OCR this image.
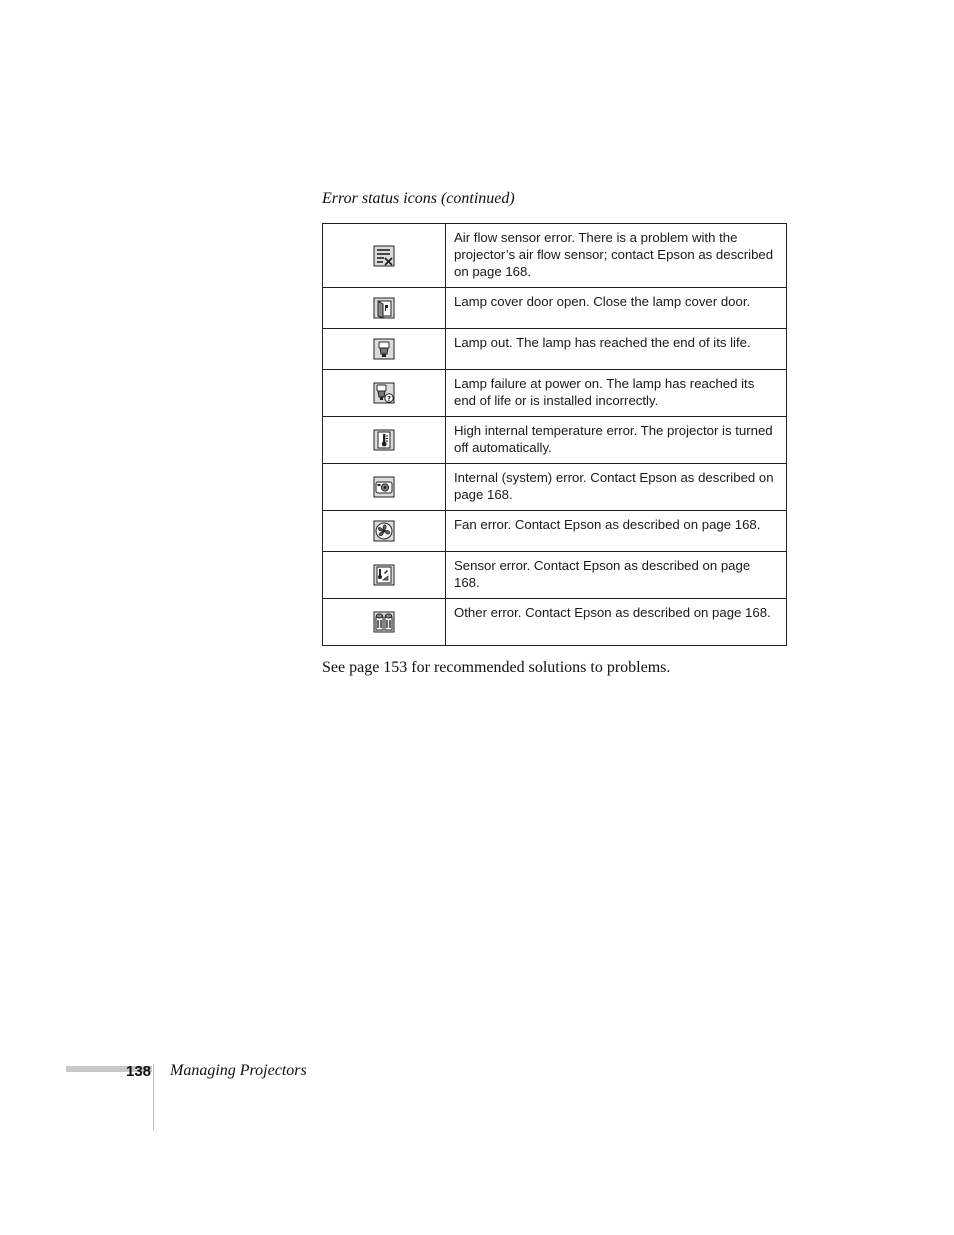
Error status icons (continued)
	Air flow sensor error. There is a problem with the projector’s air flow sensor; contact Epson as described on page 168.

	Lamp cover door open. Close the lamp cover door.

	Lamp out. The lamp has reached the end of its life.

?	Lamp failure at power on. The lamp has reached its end of life or is installed incorrectly.

	High internal temperature error. The projector is turned off automatically.

	Internal (system) error. Contact Epson as described on page 168.

	Fan error. Contact Epson as described on page 168.

	Sensor error. Contact Epson as described on page 168.

	Other error. Contact Epson as described on page 168.
See page 153 for recommended solutions to problems.
138 Managing Projectors
